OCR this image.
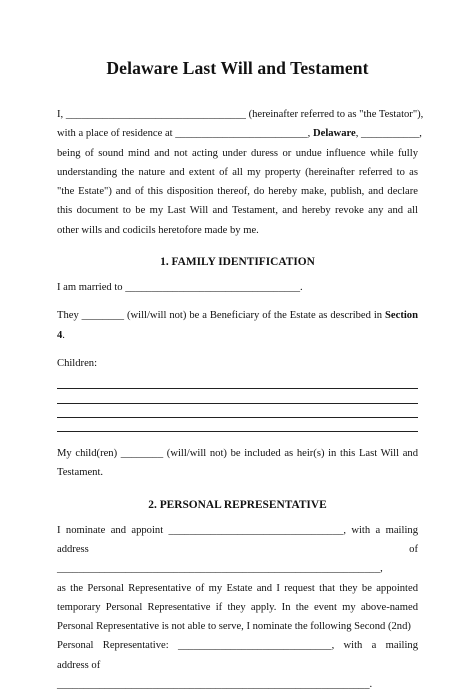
Delaware Last Will and Testament

I, __________________________________ (hereinafter referred to as "the Testator"),

with a place of residence at _________________________, Delaware, ___________,

being of sound mind and not acting under duress or undue influence while fully understanding the nature and extent of all my property (hereinafter referred to as "the Estate") and of this disposition thereof, do hereby make, publish, and declare this document to be my Last Will and Testament, and hereby revoke any and all other wills and codicils heretofore made by me.

1. FAMILY IDENTIFICATION

I am married to _________________________________.

They ________ (will/will not) be a Beneficiary of the Estate as described in Section 4.

Children:

My child(ren) ________ (will/will not) be included as heir(s) in this Last Will and Testament.

2. PERSONAL REPRESENTATIVE

I nominate and appoint _________________________________, with a mailing

address of _____________________________________________________________,

as the Personal Representative of my Estate and I request that they be appointed temporary Personal Representative if they apply. In the event my above-named Personal Representative is not able to serve, I nominate the following Second (2nd)

Personal Representative: _____________________________, with a mailing

address of ___________________________________________________________.
